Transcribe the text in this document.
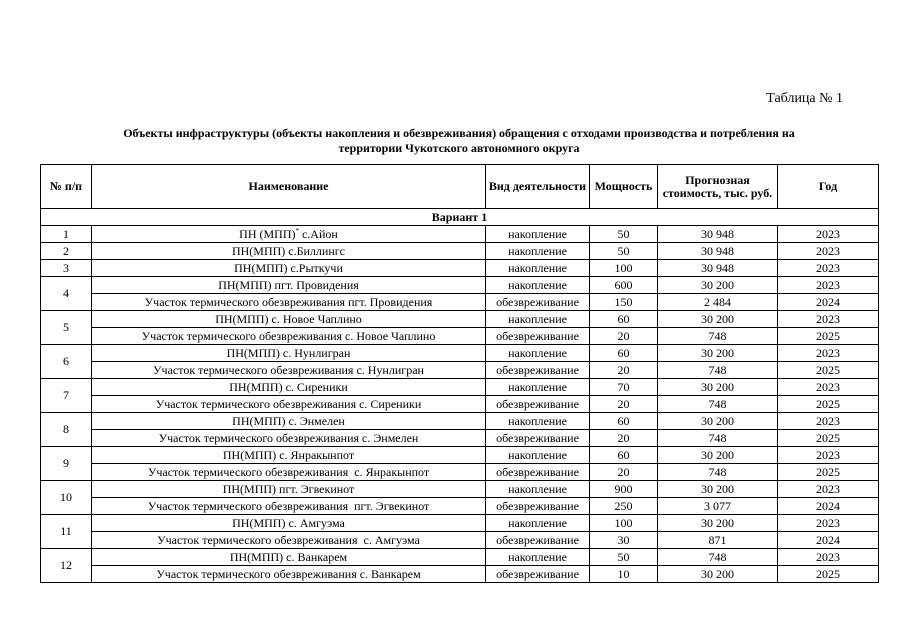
Таблица № 1
Объекты инфраструктуры (объекты накопления и обезвреживания) обращения с отходами производства и потребления на
территории Чукотского автономного округа
№ п/п	Наименование	Вид деятельности	Мощность	Прогнозная стоимость, тыс. руб.	Год
Вариант 1					
1	ПН (МПП)* с.Айон	накопление	50	30 948	2023
2	ПН(МПП) с.Биллингс	накопление	50	30 948	2023
3	ПН(МПП) с.Рыткучи	накопление	100	30 948	2023
4	ПН(МПП) пгт. Провидения	накопление	600	30 200	2023
	Участок термического обезвреживания пгт. Провидения	обезвреживание	150	2 484	2024
5	ПН(МПП) с. Новое Чаплино	накопление	60	30 200	2023
	Участок термического обезвреживания с. Новое Чаплино	обезвреживание	20	748	2025
6	ПН(МПП) с. Нунлигран	накопление	60	30 200	2023
	Участок термического обезвреживания с. Нунлигран	обезвреживание	20	748	2025
7	ПН(МПП) с. Сиреники	накопление	70	30 200	2023
	Участок термического обезвреживания с. Сиреники	обезвреживание	20	748	2025
8	ПН(МПП) с. Энмелен	накопление	60	30 200	2023
	Участок термического обезвреживания с. Энмелен	обезвреживание	20	748	2025
9	ПН(МПП) с. Янракынпот	накопление	60	30 200	2023
	Участок термического обезвреживания  с. Янракынпот	обезвреживание	20	748	2025
10	ПН(МПП) пгт. Эгвекинот	накопление	900	30 200	2023
	Участок термического обезвреживания  пгт. Эгвекинот	обезвреживание	250	3 077	2024
11	ПН(МПП) с. Амгуэма	накопление	100	30 200	2023
	Участок термического обезвреживания  с. Амгуэма	обезвреживание	30	871	2024
12	ПН(МПП) с. Ванкарем	накопление	50	748	2023
	Участок термического обезвреживания с. Ванкарем	обезвреживание	10	30 200	2025
